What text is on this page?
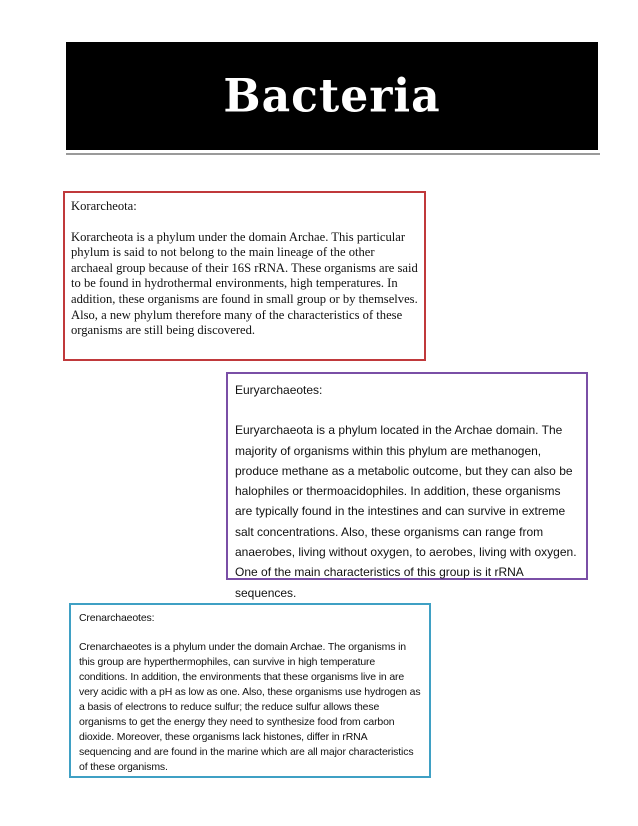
Bacteria

Korarcheota:

Korarcheota is a phylum under the domain Archae. This particular phylum is said to not belong to the main lineage of the other archaeal group because of their 16S rRNA. These organisms are said to be found in hydrothermal environments, high temperatures. In addition, these organisms are found in small group or by themselves. Also, a new phylum therefore many of the characteristics of these organisms are still being discovered.

Euryarchaeotes:

Euryarchaeota is a phylum located in the Archae domain. The majority of organisms within this phylum are methanogen, produce methane as a metabolic outcome, but they can also be halophiles or thermoacidophiles. In addition, these organisms are typically found in the intestines and can survive in extreme salt concentrations. Also, these organisms can range from anaerobes, living without oxygen, to aerobes, living with oxygen. One of the main characteristics of this group is it rRNA sequences.

Crenarchaeotes:

Crenarchaeotes is a phylum under the domain Archae. The organisms in this group are hyperthermophiles, can survive in high temperature conditions. In addition, the environments that these organisms live in are very acidic with a pH as low as one. Also, these organisms use hydrogen as a basis of electrons to reduce sulfur; the reduce sulfur allows these organisms to get the energy they need to synthesize food from carbon dioxide. Moreover, these organisms lack histones, differ in rRNA sequencing and are found in the marine which are all major characteristics of these organisms.
